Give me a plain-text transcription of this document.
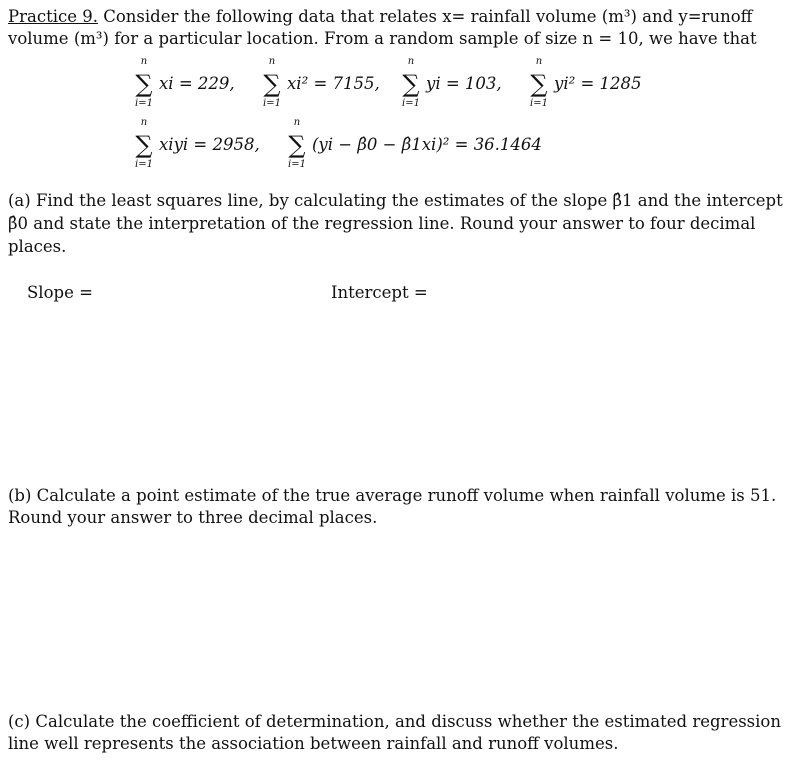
Practice 9. Consider the following data that relates x= rainfall volume (m³) and y=runoff
volume (m³) for a particular location. From a random sample of size n = 10, we have that
n
∑
i=1
xi = 229,
n
∑
i=1
xi² = 7155,
n
∑
i=1
yi = 103,
n
∑
i=1
yi² = 1285
n
∑
i=1
xiyi = 2958,
n
∑
i=1
(yi − β̂0 − β̂1xi)² = 36.1464
(a) Find the least squares line, by calculating the estimates of the slope β̂1 and the intercept
β̂0 and state the interpretation of the regression line. Round your answer to four decimal
places.
Slope =	Intercept =
(b) Calculate a point estimate of the true average runoff volume when rainfall volume is 51.
Round your answer to three decimal places.
(c) Calculate the coefficient of determination, and discuss whether the estimated regression
line well represents the association between rainfall and runoff volumes.
